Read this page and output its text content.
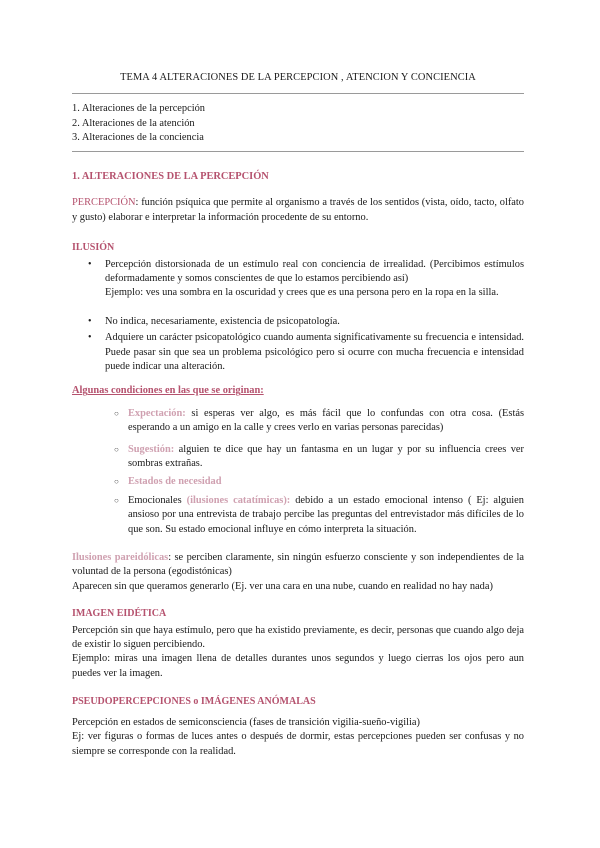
TEMA 4 ALTERACIONES DE LA PERCEPCION , ATENCION Y CONCIENCIA
1. Alteraciones de la percepción
2. Alteraciones de la atención
3. Alteraciones de la conciencia
1. ALTERACIONES DE LA PERCEPCIÓN

PERCEPCIÓN: función psíquica que permite al organismo a través de los sentidos (vista, oído, tacto, olfato y gusto) elaborar e interpretar la información procedente de su entorno.

ILUSIÓN
• Percepción distorsionada de un estímulo real con conciencia de irrealidad. (Percibimos estímulos deformadamente y somos conscientes de que lo estamos percibiendo así)
Ejemplo: ves una sombra en la oscuridad y crees que es una persona pero en la ropa en la silla.
• No indica, necesariamente, existencia de psicopatología.
• Adquiere un carácter psicopatológico cuando aumenta significativamente su frecuencia e intensidad. Puede pasar sin que sea un problema psicológico pero si ocurre con mucha frecuencia e intensidad puede indicar una alteración.
Algunas condiciones en las que se originan:
○ Expectación: si esperas ver algo, es más fácil que lo confundas con otra cosa. (Estás esperando a un amigo en la calle y crees verlo en varias personas parecidas)
○ Sugestión: alguien te dice que hay un fantasma en un lugar y por su influencia crees ver sombras extrañas.
○ Estados de necesidad
○ Emocionales (ilusiones catatímicas): debido a un estado emocional intenso ( Ej: alguien ansioso por una entrevista de trabajo percibe las preguntas del entrevistador más difíciles de lo que son. Su estado emocional influye en cómo interpreta la situación.

Ilusiones pareidólicas: se perciben claramente, sin ningún esfuerzo consciente y son independientes de la voluntad de la persona (egodistónicas)

Aparecen sin que queramos generarlo (Ej. ver una cara en una nube, cuando en realidad no hay nada)

IMAGEN EIDÉTICA

Percepción sin que haya estímulo, pero que ha existido previamente, es decir, personas que cuando algo deja de existir lo siguen percibiendo.

Ejemplo: miras una imagen llena de detalles durantes unos segundos y luego cierras los ojos pero aun puedes ver la imagen.

PSEUDOPERCEPCIONES o IMÁGENES ANÓMALAS

Percepción en estados de semiconsciencia (fases de transición vigilia-sueño-vigilia)

Ej: ver figuras o formas de luces antes o después de dormir, estas percepciones pueden ser confusas y no siempre se corresponde con la realidad.
